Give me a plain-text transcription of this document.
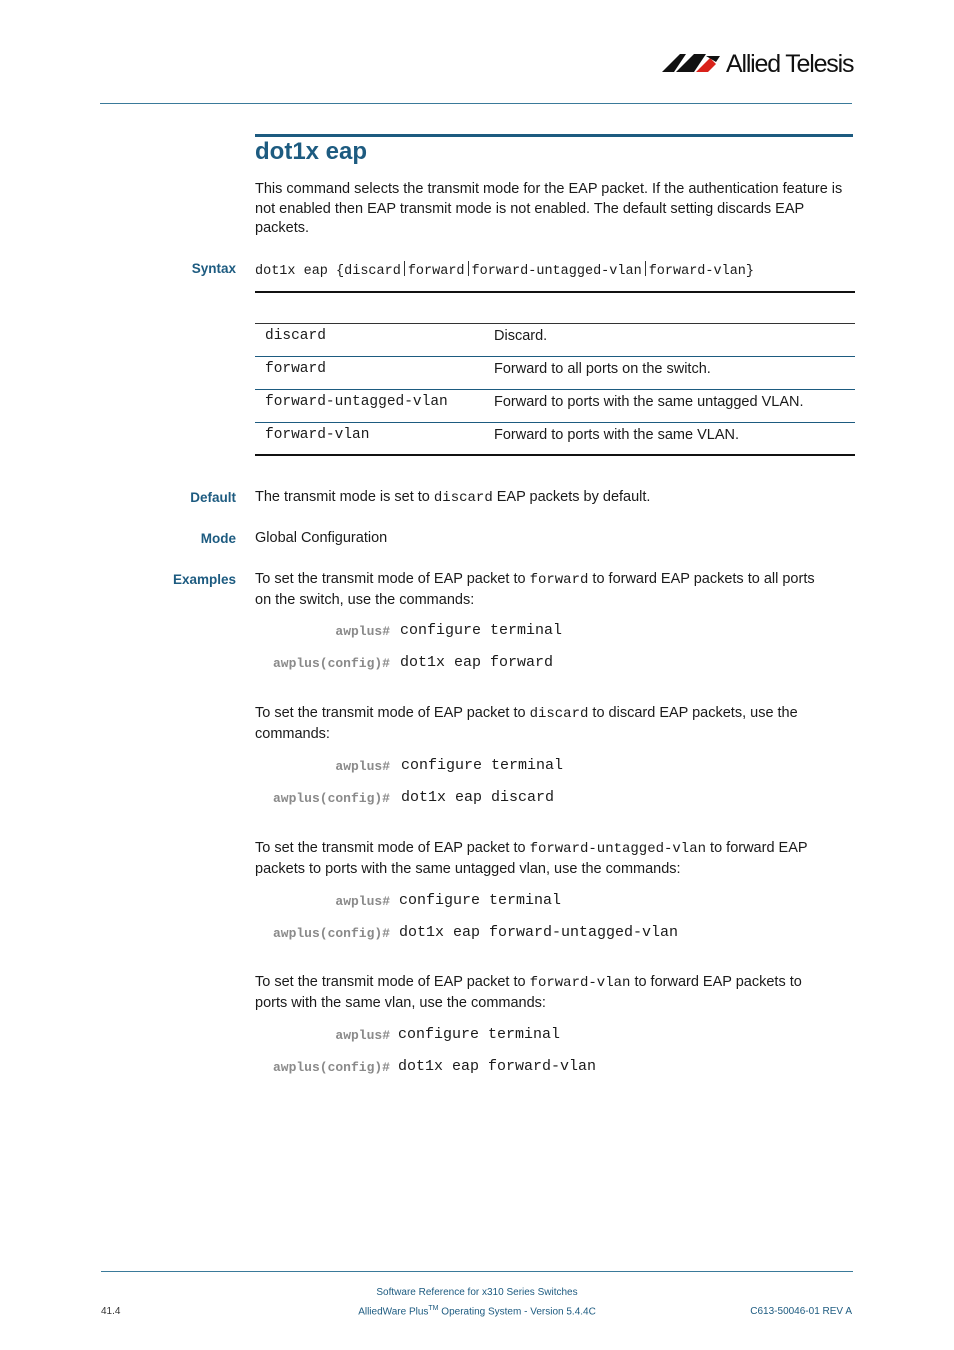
Allied Telesis
dot1x eap
This command selects the transmit mode for the EAP packet. If the authentication feature is not enabled then EAP transmit mode is not enabled. The default setting discards EAP packets.
Syntax dot1x eap {discard forward forward-untagged-vlan forward-vlan}
discard	Discard.
forward	Forward to all ports on the switch.
forward-untagged-vlan	Forward to ports with the same untagged VLAN.
forward-vlan	Forward to ports with the same VLAN.
Default The transmit mode is set to discard EAP packets by default.
Mode Global Configuration
Examples To set the transmit mode of EAP packet to forward to forward EAP packets to all ports
on the switch, use the commands:
awplus# configure terminal
awplus(config)# dot1x eap forward
To set the transmit mode of EAP packet to discard to discard EAP packets, use the
commands:
awplus# configure terminal
awplus(config)# dot1x eap discard
To set the transmit mode of EAP packet to forward-untagged-vlan to forward EAP
packets to ports with the same untagged vlan, use the commands:
awplus# configure terminal
awplus(config)# dot1x eap forward-untagged-vlan
To set the transmit mode of EAP packet to forward-vlan to forward EAP packets to
ports with the same vlan, use the commands:
awplus# configure terminal
awplus(config)# dot1x eap forward-vlan
Software Reference for x310 Series Switches
AlliedWare Plus™ Operating System - Version 5.4.4C
41.4	C613-50046-01 REV A
